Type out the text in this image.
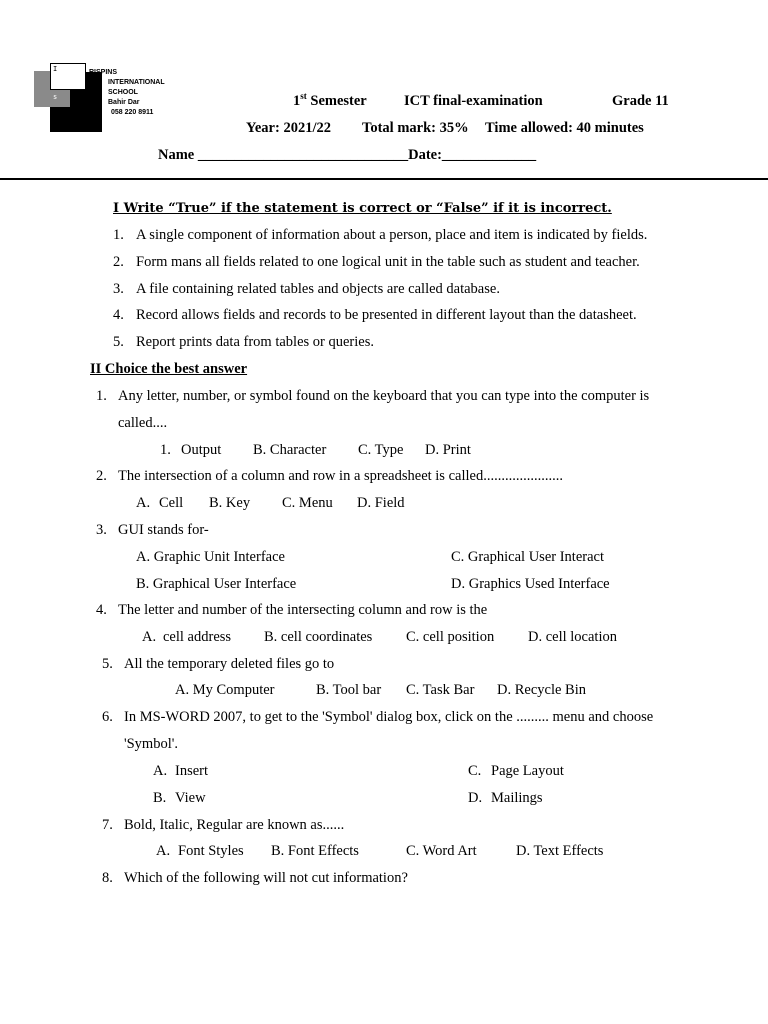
I
i
s
RISPINS
INTERNATIONAL
SCHOOL
Bahir Dar
058 220 8911
1st Semester	ICT final-examination	Grade 11
Year: 2021/22 Total mark: 35% Time allowed: 40 minutes
Name _____________________________Date:_____________
I Write “True” if the statement is correct or “False” if it is incorrect.
1. A single component of information about a person, place and item is indicated by fields.
2. Form mans all fields related to one logical unit in the table such as student and teacher.
3. A file containing related tables and objects are called database.
4. Record allows fields and records to be presented in different layout than the datasheet.
5. Report prints data from tables or queries.
II Choice the best answer
1. Any letter, number, or symbol found on the keyboard that you can type into the computer is
called....
1. Output B. Character C. Type D. Print
2. The intersection of a column and row in a spreadsheet is called......................
A. Cell B. Key C. Menu D. Field
3. GUI stands for-
A. Graphic Unit Interface	C. Graphical User Interact
B. Graphical User Interface	D. Graphics Used Interface
4. The letter and number of the intersecting column and row is the
A. cell address B. cell coordinates C. cell position D. cell location
5. All the temporary deleted files go to
A. My Computer	B. Tool bar C. Task Bar D. Recycle Bin
6. In MS-WORD 2007, to get to the 'Symbol' dialog box, click on the ......... menu and choose
'Symbol'.
A. Insert	C. Page Layout
B. View	D. Mailings
7. Bold, Italic, Regular are known as......
A. Font Styles B. Font Effects	C. Word Art	D. Text Effects
8. Which of the following will not cut information?
